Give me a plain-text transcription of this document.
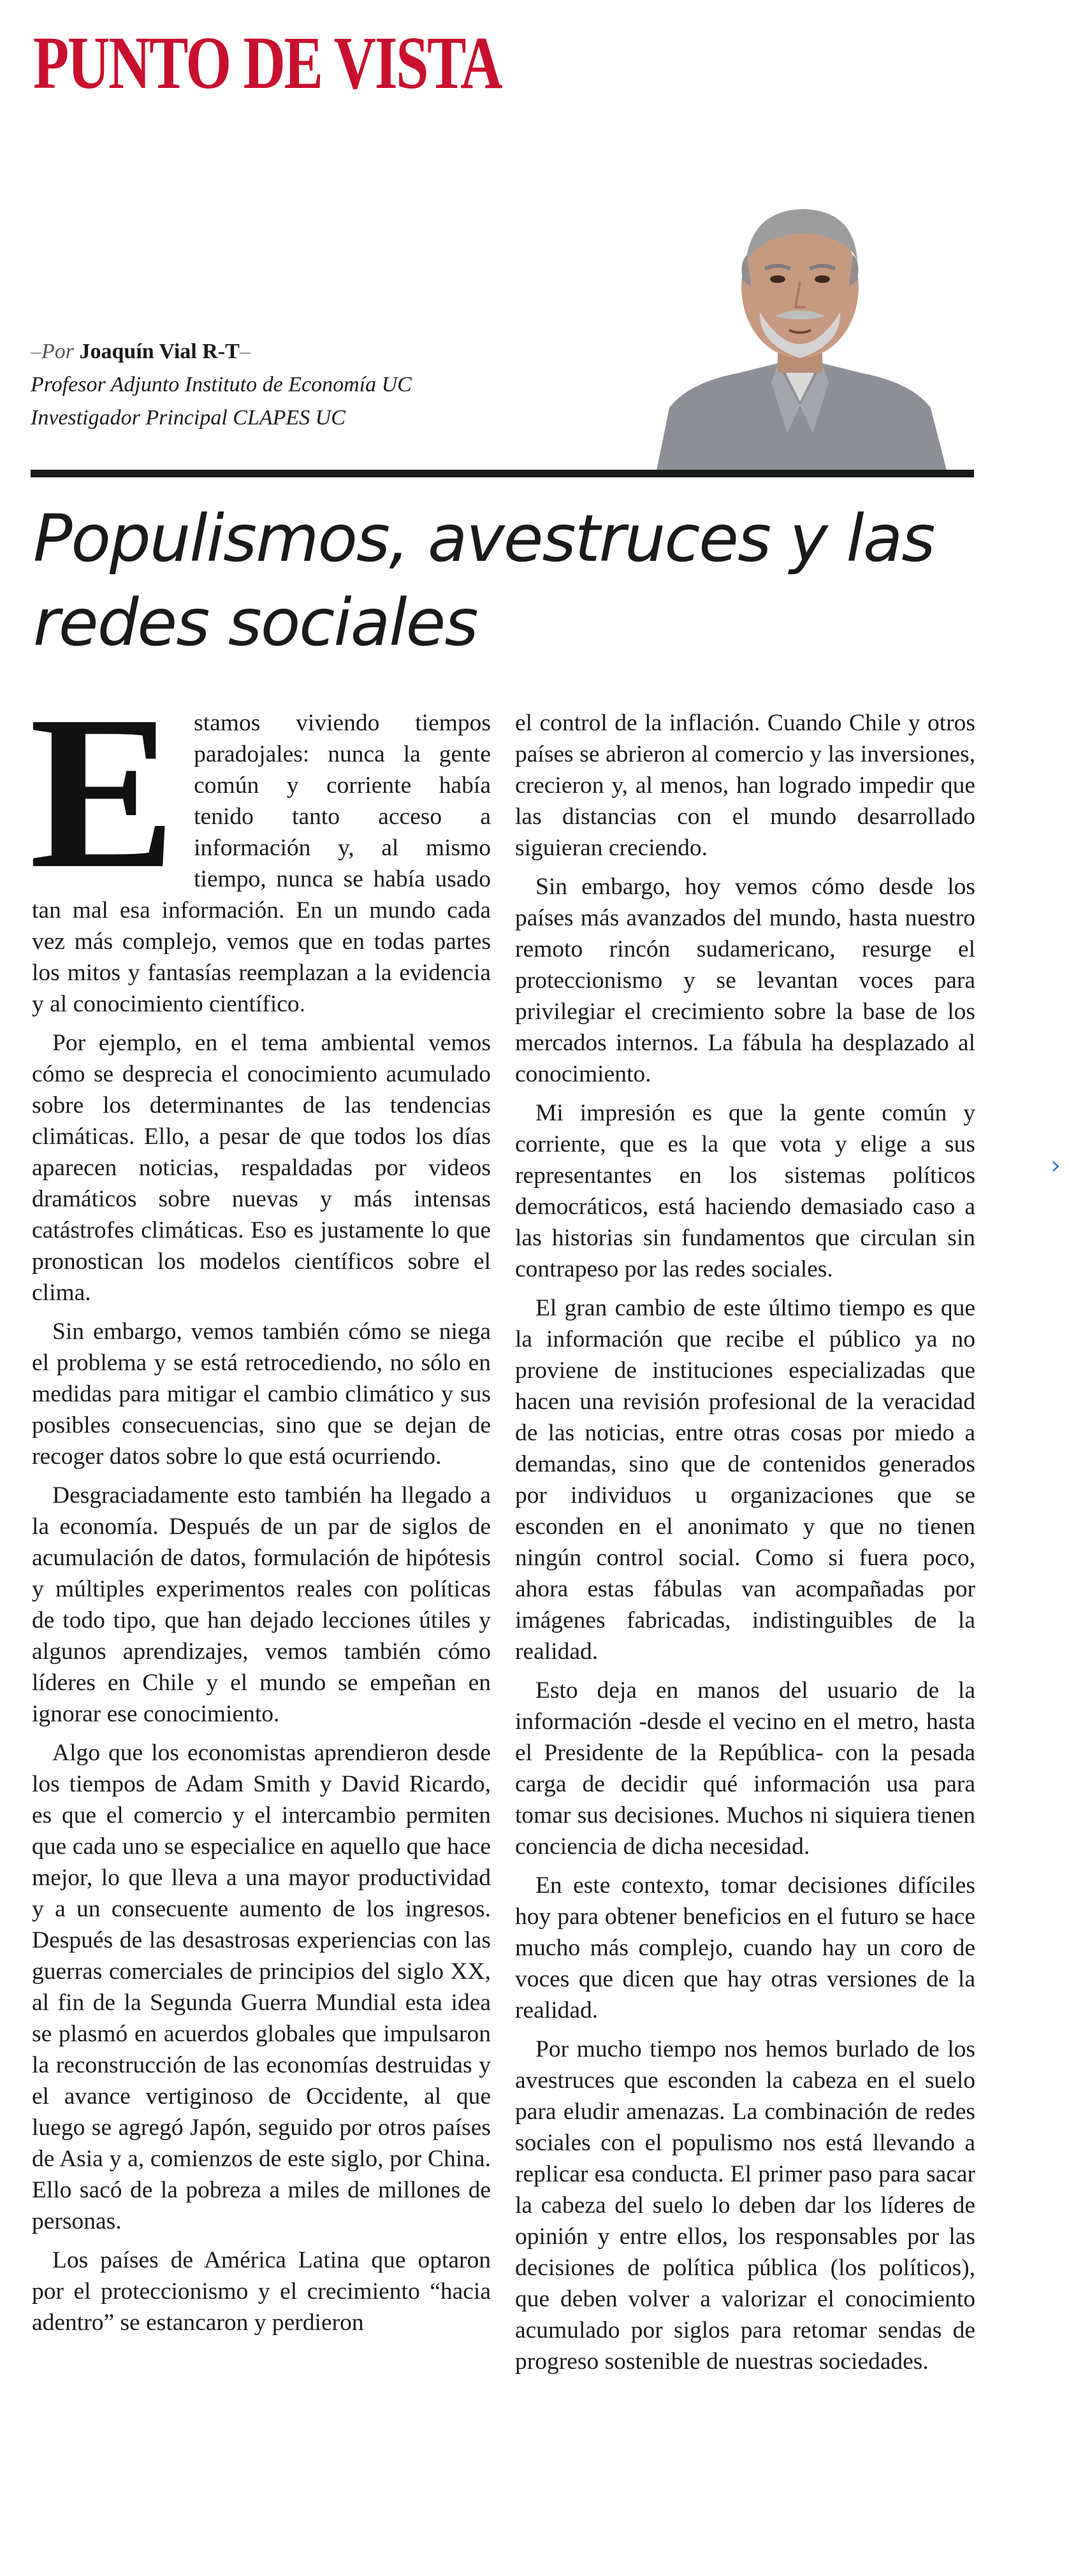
PUNTO DE VISTA
–Por Joaquín Vial R-T–
Profesor Adjunto Instituto de Economía UC
Investigador Principal CLAPES UC
Populismos, avestruces y las redes sociales

Estamos viviendo tiempos paradojales: nunca la gente común y corriente había tenido tanto acceso a información y, al mismo tiempo, nunca se había usado tan mal esa información. En un mundo cada vez más complejo, vemos que en todas partes los mitos y fantasías reemplazan a la evidencia y al conocimiento científico.

Por ejemplo, en el tema ambiental vemos cómo se desprecia el conocimiento acumulado sobre los determinantes de las tendencias climáticas. Ello, a pesar de que todos los días aparecen noticias, respaldadas por videos dramáticos sobre nuevas y más intensas catástrofes climáticas. Eso es justamente lo que pronostican los modelos científicos sobre el clima.

Sin embargo, vemos también cómo se niega el problema y se está retrocediendo, no sólo en medidas para mitigar el cambio climático y sus posibles consecuencias, sino que se dejan de recoger datos sobre lo que está ocurriendo.

Desgraciadamente esto también ha llegado a la economía. Después de un par de siglos de acumulación de datos, formulación de hipótesis y múltiples experimentos reales con políticas de todo tipo, que han dejado lecciones útiles y algunos aprendizajes, vemos también cómo líderes en Chile y el mundo se empeñan en ignorar ese conocimiento.

Algo que los economistas aprendieron desde los tiempos de Adam Smith y David Ricardo, es que el comercio y el intercambio permiten que cada uno se especialice en aquello que hace mejor, lo que lleva a una mayor productividad y a un consecuente aumento de los ingresos. Después de las desastrosas experiencias con las guerras comerciales de principios del siglo XX, al fin de la Segunda Guerra Mundial esta idea se plasmó en acuerdos globales que impulsaron la reconstrucción de las economías destruidas y el avance vertiginoso de Occidente, al que luego se agregó Japón, seguido por otros países de Asia y a, comienzos de este siglo, por China. Ello sacó de la pobreza a miles de millones de personas.

Los países de América Latina que optaron por el proteccionismo y el crecimiento “hacia adentro” se estancaron y perdieron

el control de la inflación. Cuando Chile y otros países se abrieron al comercio y las inversiones, crecieron y, al menos, han logrado impedir que las distancias con el mundo desarrollado siguieran creciendo.

Sin embargo, hoy vemos cómo desde los países más avanzados del mundo, hasta nuestro remoto rincón sudamericano, resurge el proteccionismo y se levantan voces para privilegiar el crecimiento sobre la base de los mercados internos. La fábula ha desplazado al conocimiento.

Mi impresión es que la gente común y corriente, que es la que vota y elige a sus representantes en los sistemas políticos democráticos, está haciendo demasiado caso a las historias sin fundamentos que circulan sin contrapeso por las redes sociales.

El gran cambio de este último tiempo es que la información que recibe el público ya no proviene de instituciones especializadas que hacen una revisión profesional de la veracidad de las noticias, entre otras cosas por miedo a demandas, sino que de contenidos generados por individuos u organizaciones que se esconden en el anonimato y que no tienen ningún control social. Como si fuera poco, ahora estas fábulas van acompañadas por imágenes fabricadas, indistinguibles de la realidad.

Esto deja en manos del usuario de la información -desde el vecino en el metro, hasta el Presidente de la República- con la pesada carga de decidir qué información usa para tomar sus decisiones. Muchos ni siquiera tienen conciencia de dicha necesidad.

En este contexto, tomar decisiones difíciles hoy para obtener beneficios en el futuro se hace mucho más complejo, cuando hay un coro de voces que dicen que hay otras versiones de la realidad.

Por mucho tiempo nos hemos burlado de los avestruces que esconden la cabeza en el suelo para eludir amenazas. La combinación de redes sociales con el populismo nos está llevando a replicar esa conducta. El primer paso para sacar la cabeza del suelo lo deben dar los líderes de opinión y entre ellos, los responsables por las decisiones de política pública (los políticos), que deben volver a valorizar el conocimiento acumulado por siglos para retomar sendas de progreso sostenible de nuestras sociedades.

›
